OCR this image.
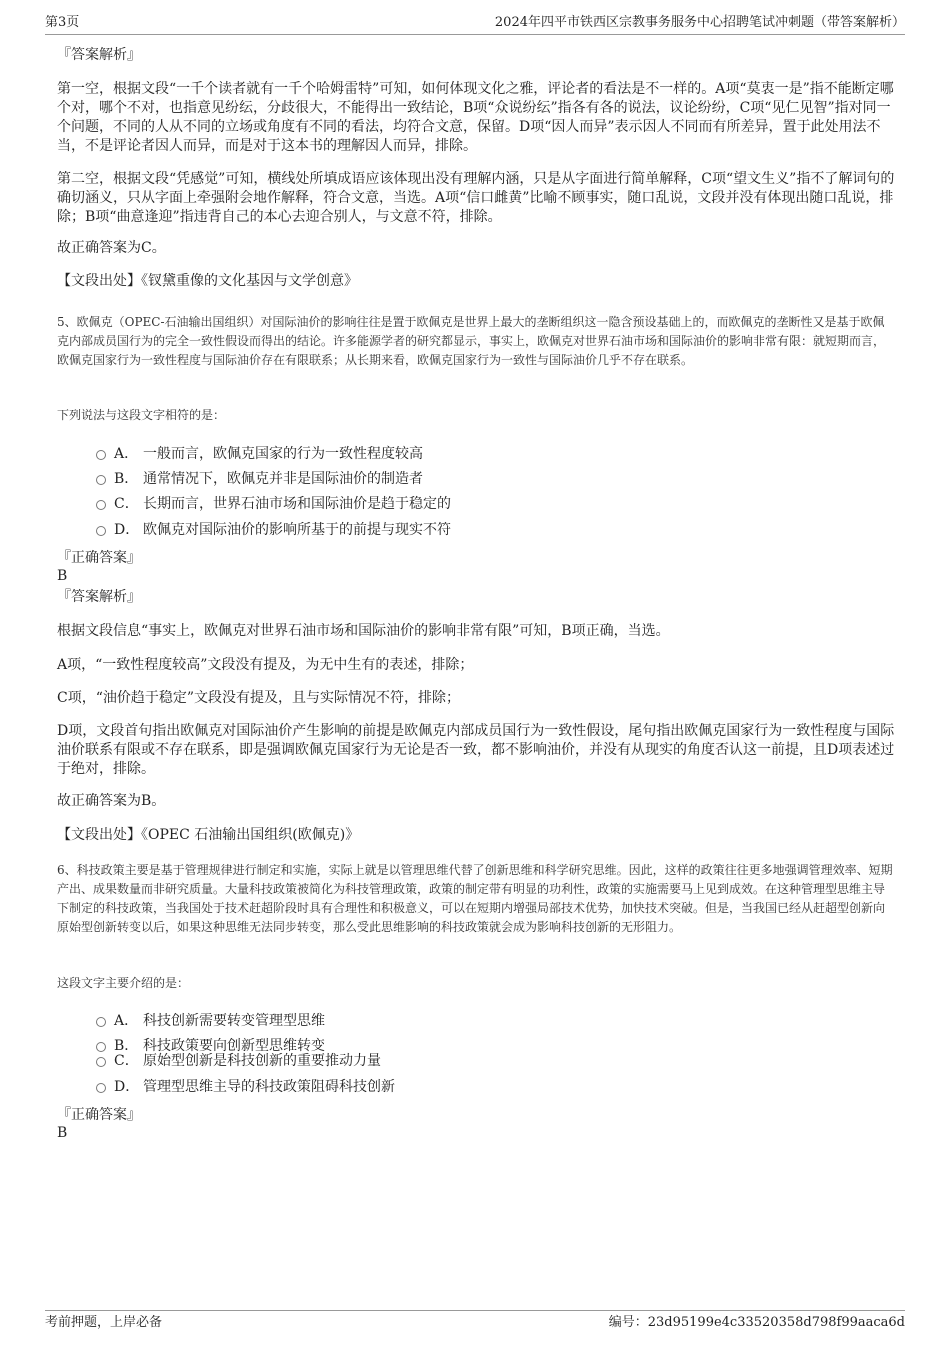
第3页	2024年四平市铁西区宗教事务服务中心招聘笔试冲刺题（带答案解析）

『答案解析』

第一空，根据文段“一千个读者就有一千个哈姆雷特”可知，如何体现文化之雅，评论者的看法是不一样的。A项“莫衷一是”指不能断定哪个对，哪个不对，也指意见纷纭，分歧很大，不能得出一致结论，B项“众说纷纭”指各有各的说法，议论纷纷，C项“见仁见智”指对同一个问题，不同的人从不同的立场或角度有不同的看法，均符合文意，保留。D项“因人而异”表示因人不同而有所差异，置于此处用法不当，不是评论者因人而异，而是对于这本书的理解因人而异，排除。

第二空，根据文段“凭感觉”可知，横线处所填成语应该体现出没有理解内涵，只是从字面进行简单解释，C项“望文生义”指不了解词句的确切涵义，只从字面上牵强附会地作解释，符合文意，当选。A项“信口雌黄”比喻不顾事实，随口乱说，文段并没有体现出随口乱说，排除；B项“曲意逢迎”指违背自己的本心去迎合别人，与文意不符，排除。

故正确答案为C。

【文段出处】《钗黛重像的文化基因与文学创意》

5、欧佩克（OPEC-石油输出国组织）对国际油价的影响往往是置于欧佩克是世界上最大的垄断组织这一隐含预设基础上的，而欧佩克的垄断性又是基于欧佩克内部成员国行为的完全一致性假设而得出的结论。许多能源学者的研究都显示，事实上，欧佩克对世界石油市场和国际油价的影响非常有限：就短期而言，欧佩克国家行为一致性程度与国际油价存在有限联系；从长期来看，欧佩克国家行为一致性与国际油价几乎不存在联系。

下列说法与这段文字相符的是：

A． 一般而言，欧佩克国家的行为一致性程度较高
B． 通常情况下，欧佩克并非是国际油价的制造者
C． 长期而言，世界石油市场和国际油价是趋于稳定的
D． 欧佩克对国际油价的影响所基于的前提与现实不符

『正确答案』

B

『答案解析』

根据文段信息“事实上，欧佩克对世界石油市场和国际油价的影响非常有限”可知，B项正确，当选。

A项，“一致性程度较高”文段没有提及，为无中生有的表述，排除；

C项，“油价趋于稳定”文段没有提及，且与实际情况不符，排除；

D项，文段首句指出欧佩克对国际油价产生影响的前提是欧佩克内部成员国行为一致性假设，尾句指出欧佩克国家行为一致性程度与国际油价联系有限或不存在联系，即是强调欧佩克国家行为无论是否一致，都不影响油价，并没有从现实的角度否认这一前提，且D项表述过于绝对，排除。

故正确答案为B。

【文段出处】《OPEC 石油输出国组织(欧佩克)》

6、科技政策主要是基于管理规律进行制定和实施，实际上就是以管理思维代替了创新思维和科学研究思维。因此，这样的政策往往更多地强调管理效率、短期产出、成果数量而非研究质量。大量科技政策被简化为科技管理政策，政策的制定带有明显的功利性，政策的实施需要马上见到成效。在这种管理型思维主导下制定的科技政策，当我国处于技术赶超阶段时具有合理性和积极意义，可以在短期内增强局部技术优势，加快技术突破。但是，当我国已经从赶超型创新向原始型创新转变以后，如果这种思维无法同步转变，那么受此思维影响的科技政策就会成为影响科技创新的无形阻力。

这段文字主要介绍的是：

A． 科技创新需要转变管理型思维
B． 科技政策要向创新型思维转变
C． 原始型创新是科技创新的重要推动力量
D． 管理型思维主导的科技政策阻碍科技创新

『正确答案』

B

考前押题，上岸必备	编号：23d95199e4c33520358d798f99aaca6d
